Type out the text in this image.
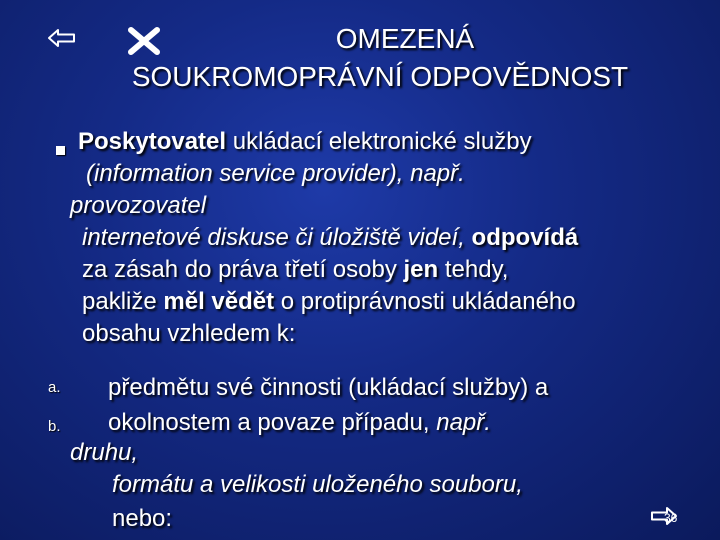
OMEZENÁ
SOUKROMOPRÁVNÍ ODPOVĚDNOST
Poskytovatel ukládací elektronické služby
(information service provider), např.
provozovatel
internetové diskuse či úložiště videí, odpovídá
za zásah do práva třetí osoby jen tehdy,
pakliže měl vědět o protiprávnosti ukládaného
obsahu vzhledem k:
a. předmětu své činnosti (ukládací služby) a
b. okolnostem a povaze případu, např.
druhu,
formátu a velikosti uloženého souboru,
nebo:	36
